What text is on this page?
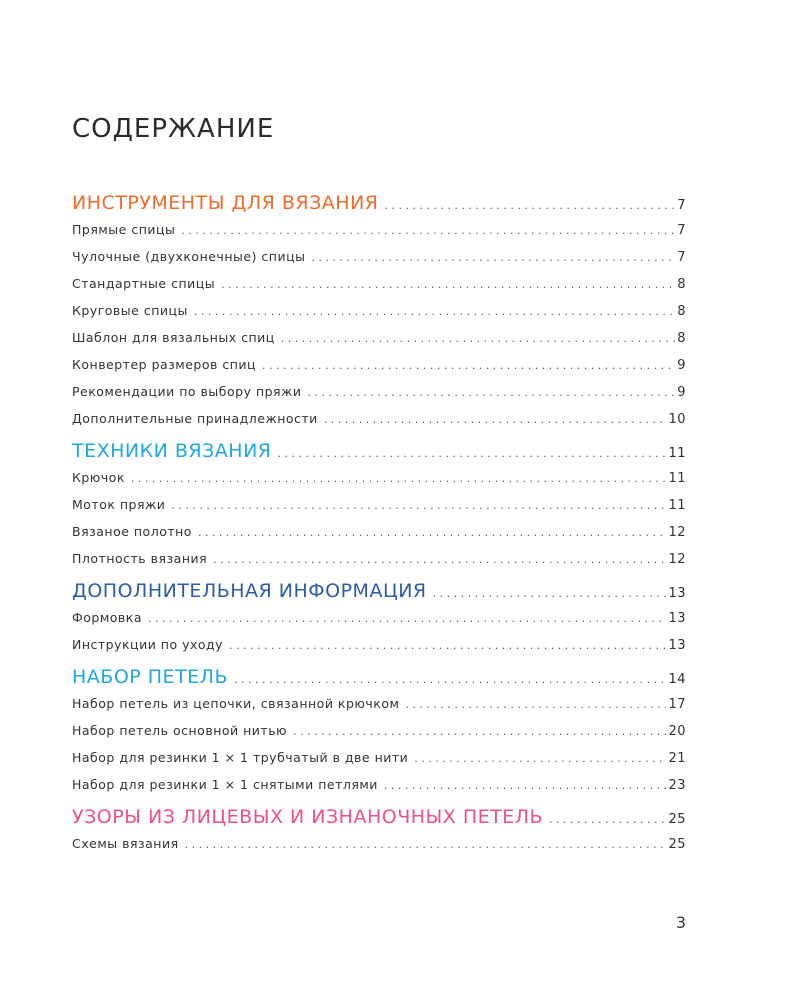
СОДЕРЖАНИЕ
ИНСТРУМЕНТЫ ДЛЯ ВЯЗАНИЯ . . .	7
Прямые спицы . . .	7
Чулочные (двухконечные) спицы . . .	7
Стандартные спицы . . .	8
Круговые спицы . . .	8
Шаблон для вязальных спиц . . .	8
Конвертер размеров спиц . . .	9
Рекомендации по выбору пряжи . . .	9
Дополнительные принадлежности . . .	10
ТЕХНИКИ ВЯЗАНИЯ . . .	11
Крючок . . .	11
Моток пряжи . . .	11
Вязаное полотно . . .	12
Плотность вязания . . .	12
ДОПОЛНИТЕЛЬНАЯ ИНФОРМАЦИЯ . . .	13
Формовка . . .	13
Инструкции по уходу . . .	13
НАБОР ПЕТЕЛЬ . . .	14
Набор петель из цепочки, связанной крючком . . .	17
Набор петель основной нитью . . .	20
Набор для резинки 1 × 1 трубчатый в две нити . . .	21
Набор для резинки 1 × 1 снятыми петлями . . .	23
УЗОРЫ ИЗ ЛИЦЕВЫХ И ИЗНАНОЧНЫХ ПЕТЕЛЬ . . .	25
Схемы вязания . . .	25
3
